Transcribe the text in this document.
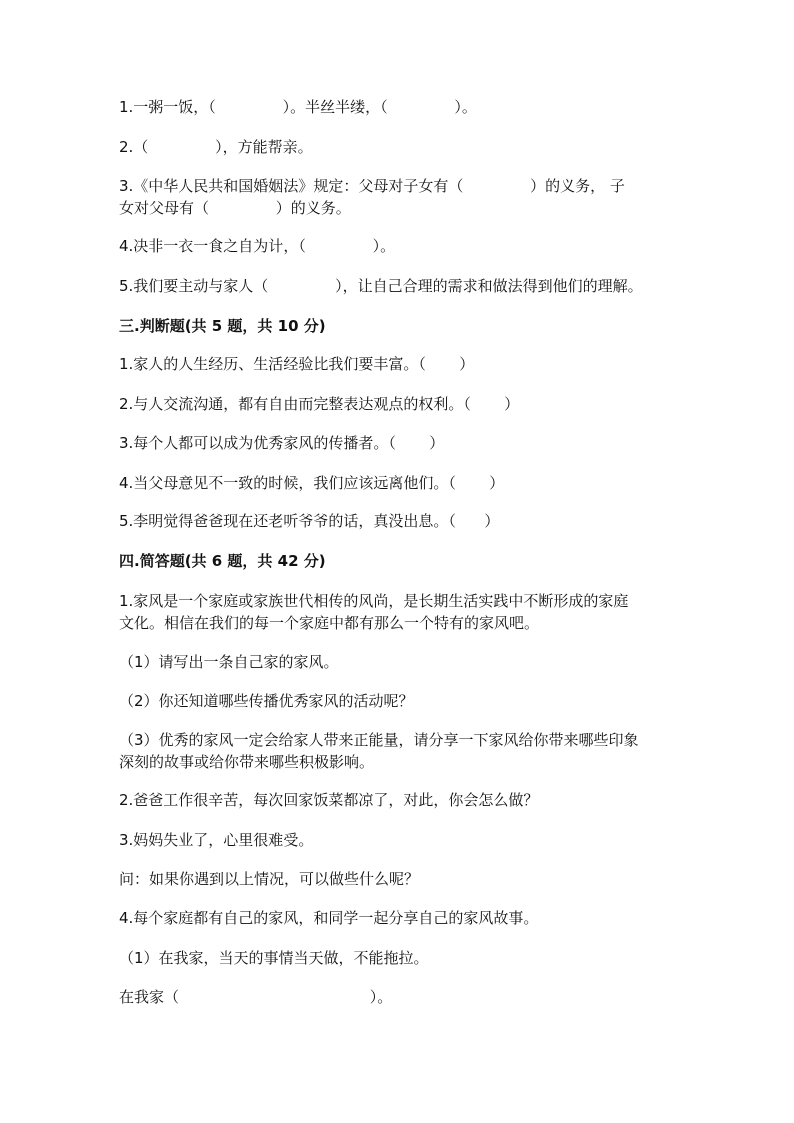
1.一粥一饭，（              ）。半丝半缕，（              ）。

2.（              ），方能帮亲。

3.《中华人民共和国婚姻法》规定：父母对子女有（              ）的义务， 子

女对父母有（              ）的义务。

4.决非一衣一食之自为计，（              ）。

5.我们要主动与家人（              ），让自己合理的需求和做法得到他们的理解。

三.判断题(共 5 题，共 10 分)

1.家人的人生经历、生活经验比我们要丰富。（       ）

2.与人交流沟通，都有自由而完整表达观点的权利。（       ）

3.每个人都可以成为优秀家风的传播者。（       ）

4.当父母意见不一致的时候，我们应该远离他们。（       ）

5.李明觉得爸爸现在还老听爷爷的话，真没出息。（      ）

四.简答题(共 6 题，共 42 分)

1.家风是一个家庭或家族世代相传的风尚，是长期生活实践中不断形成的家庭

文化。相信在我们的每一个家庭中都有那么一个特有的家风吧。

（1）请写出一条自己家的家风。

（2）你还知道哪些传播优秀家风的活动呢？

（3）优秀的家风一定会给家人带来正能量，请分享一下家风给你带来哪些印象

深刻的故事或给你带来哪些积极影响。

2.爸爸工作很辛苦，每次回家饭菜都凉了，对此，你会怎么做？

3.妈妈失业了，心里很难受。

问：如果你遇到以上情况，可以做些什么呢？

4.每个家庭都有自己的家风，和同学一起分享自己的家风故事。

（1）在我家，当天的事情当天做，不能拖拉。

在我家（                                        ）。
